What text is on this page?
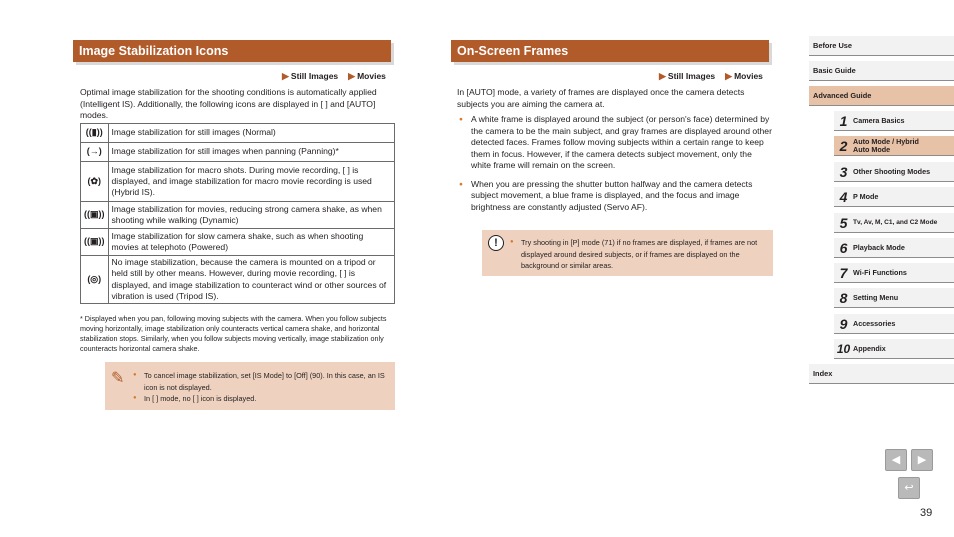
Image Stabilization Icons
▶ Still Images ▶ Movies
Optimal image stabilization for the shooting conditions is automatically applied (Intelligent IS). Additionally, the following icons are displayed in [ ] and [AUTO] modes.
((▮))	Image stabilization for still images (Normal)
(→)	Image stabilization for still images when panning (Panning)*
(✿)	Image stabilization for macro shots. During movie recording, [ ] is displayed, and image stabilization for macro movie recording is used (Hybrid IS).
((▣))	Image stabilization for movies, reducing strong camera shake, as when shooting while walking (Dynamic)
((▣))	Image stabilization for slow camera shake, such as when shooting movies at telephoto (Powered)
(◎)	No image stabilization, because the camera is mounted on a tripod or held still by other means. However, during movie recording, [ ] is displayed, and image stabilization to counteract wind or other sources of vibration is used (Tripod IS).
* Displayed when you pan, following moving subjects with the camera. When you follow subjects moving horizontally, image stabilization only counteracts vertical camera shake, and horizontal stabilization stops. Similarly, when you follow subjects moving vertically, image stabilization only counteracts horizontal camera shake.
✎	● To cancel image stabilization, set [IS Mode] to [Off] (90). In this case, an IS icon is not displayed.
● In [ ] mode, no [ ] icon is displayed.
On-Screen Frames
▶ Still Images ▶ Movies
In [AUTO] mode, a variety of frames are displayed once the camera detects subjects you are aiming the camera at.
● A white frame is displayed around the subject (or person's face) determined by the camera to be the main subject, and gray frames are displayed around other detected faces. Frames follow moving subjects within a certain range to keep them in focus. However, if the camera detects subject movement, only the white frame will remain on the screen.
● When you are pressing the shutter button halfway and the camera detects subject movement, a blue frame is displayed, and the focus and image brightness are constantly adjusted (Servo AF).
!	● Try shooting in [P] mode (71) if no frames are displayed, if frames are not displayed around desired subjects, or if frames are displayed on the background or similar areas.
Before Use
Basic Guide
Advanced Guide
1 Camera Basics
2 Auto Mode / Hybrid Auto Mode
3 Other Shooting Modes
4 P Mode
5 Tv, Av, M, C1, and C2 Mode
6 Playback Mode
7 Wi-Fi Functions
8 Setting Menu
9 Accessories
10 Appendix
Index
◀	▶
↩
39
